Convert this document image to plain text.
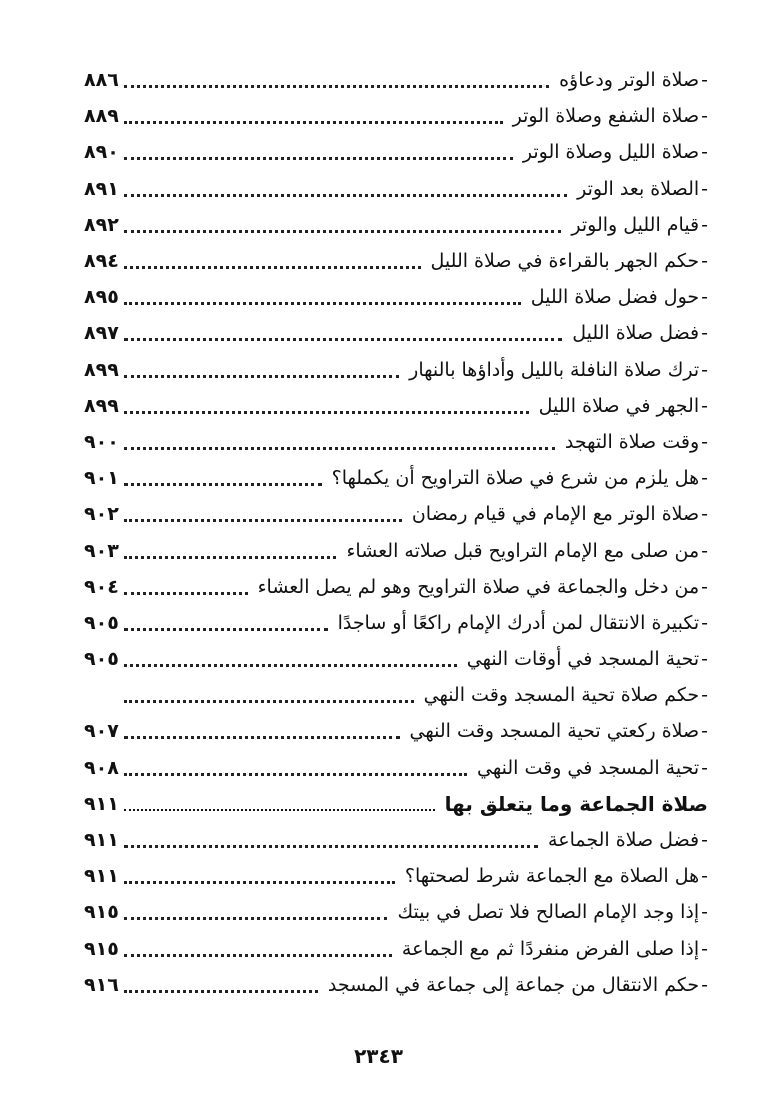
-صلاة الوتر ودعاؤه
٨٨٦
-صلاة الشفع وصلاة الوتر
٨٨٩
-صلاة الليل وصلاة الوتر
٨٩٠
-الصلاة بعد الوتر
٨٩١
-قيام الليل والوتر
٨٩٢
-حكم الجهر بالقراءة في صلاة الليل
٨٩٤
-حول فضل صلاة الليل
٨٩٥
-فضل صلاة الليل
٨٩٧
-ترك صلاة النافلة بالليل وأداؤها بالنهار
٨٩٩
-الجهر في صلاة الليل
٨٩٩
-وقت صلاة التهجد
٩٠٠
-هل يلزم من شرع في صلاة التراويح أن يكملها؟
٩٠١
-صلاة الوتر مع الإمام في قيام رمضان
٩٠٢
-من صلى مع الإمام التراويح قبل صلاته العشاء
٩٠٣
-من دخل والجماعة في صلاة التراويح وهو لم يصل العشاء
٩٠٤
-تكبيرة الانتقال لمن أدرك الإمام راكعًا أو ساجدًا
٩٠٥
-تحية المسجد في أوقات النهي
٩٠٥
-حكم صلاة تحية المسجد وقت النهي
-صلاة ركعتي تحية المسجد وقت النهي
٩٠٧
-تحية المسجد في وقت النهي
٩٠٨
صلاة الجماعة وما يتعلق بها
٩١١
-فضل صلاة الجماعة
٩١١
-هل الصلاة مع الجماعة شرط لصحتها؟
٩١١
-إذا وجد الإمام الصالح فلا تصل في بيتك
٩١٥
-إذا صلى الفرض منفردًا ثم مع الجماعة
٩١٥
-حكم الانتقال من جماعة إلى جماعة في المسجد
٩١٦
٢٣٤٣
